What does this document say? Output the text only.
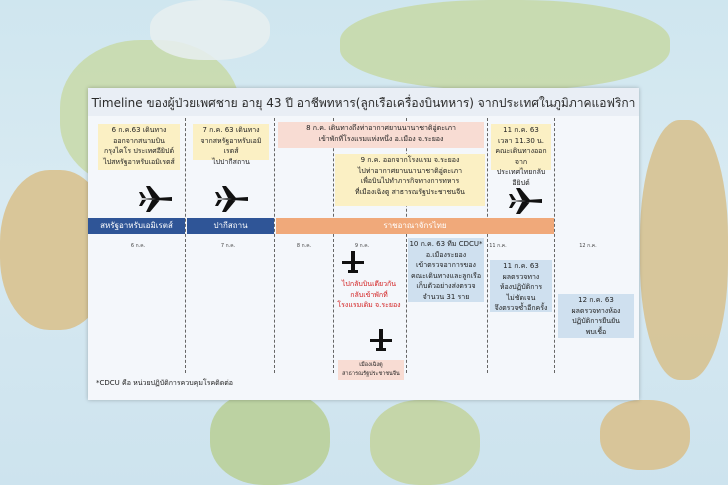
Timeline ของผู้ป่วยเพศชาย อายุ 43 ปี อาชีพทหาร(ลูกเรือเครื่องบินทหาร) จากประเทศในภูมิภาคแอฟริกา
6 ก.ค.63 เดินทาง
ออกจากสนามบิน
กรุงไคโร ประเทศอียิปต์
ไปสหรัฐอาหรับเอมิเรตส์
7 ก.ค. 63 เดินทาง
จากสหรัฐอาหรับเอมิเรตส์
ไปปากีสถาน
8 ก.ค. เดินทางถึงท่าอากาศยานนานาชาติอู่ตะเภา
เข้าพักที่โรงแรมแห่งหนึ่ง อ.เมือง จ.ระยอง
9 ก.ค. ออกจากโรงแรม จ.ระยอง
ไปท่าอากาศยานนานาชาติอู่ตะเภา
เพื่อบินไปทำภารกิจทางการทหาร
ที่เมืองเฉิงตู สาธารณรัฐประชาชนจีน
11 ก.ค. 63
เวลา 11.30 น.
คณะเดินทางออกจาก
ประเทศไทยกลับอียิปต์
สหรัฐอาหรับเอมิเรตส์	ปากีสถาน	ราชอาณาจักรไทย
6 ก.ค.	7 ก.ค.	8 ก.ค.	9 ก.ค.	11 ก.ค.	12 ก.ค.
ไปกลับบินเดียวกัน
กลับเข้าพักที่
โรงแรมเดิม จ.ระยอง
เมืองเฉิงตู
สาธารณรัฐประชาชนจีน
10 ก.ค. 63 ทีม CDCU*
อ.เมืองระยอง
เข้าตรวจอาการของ
คณะเดินทางและลูกเรือ
เก็บตัวอย่างส่งตรวจ
จำนวน 31 ราย
11 ก.ค. 63
ผลตรวจทาง
ห้องปฏิบัติการ
ไม่ชัดเจน
จึงตรวจซ้ำอีกครั้ง
12 ก.ค. 63
ผลตรวจทางห้อง
ปฏิบัติการยืนยัน
พบเชื้อ
*CDCU คือ หน่วยปฏิบัติการควบคุมโรคติดต่อ
